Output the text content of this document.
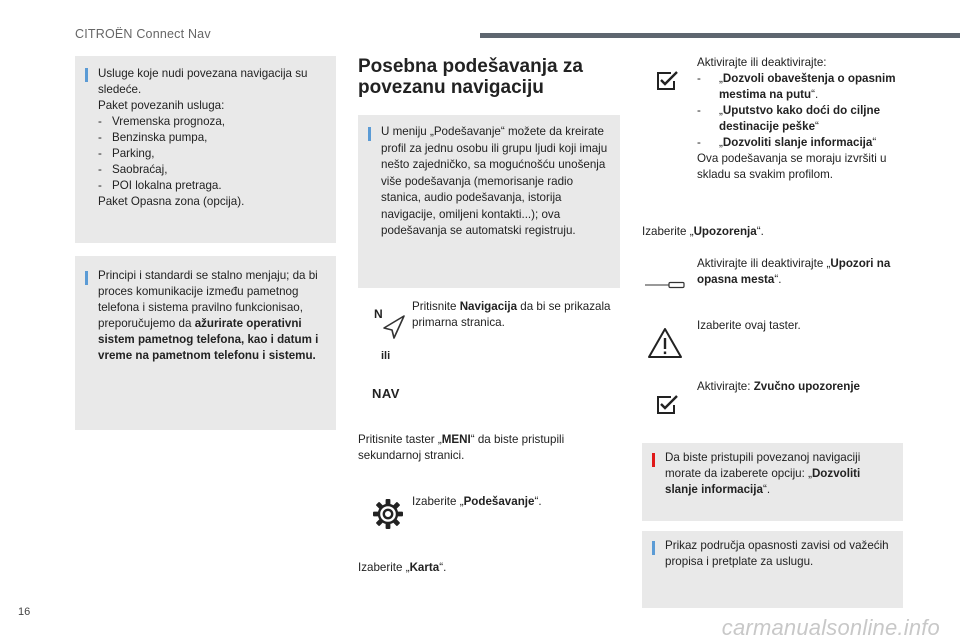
CITROËN Connect Nav
Usluge koje nudi povezana navigacija su sledeće.
Paket povezanih usluga:
- Vremenska prognoza,
- Benzinska pumpa,
- Parking,
- Saobraćaj,
- POI lokalna pretraga.
Paket Opasna zona (opcija).
Principi i standardi se stalno menjaju; da bi proces komunikacije između pametnog telefona i sistema pravilno funkcionisao, preporučujemo da ažurirate operativni sistem pametnog telefona, kao i datum i vreme na pametnom telefonu i sistemu.
Posebna podešavanja za povezanu navigaciju
U meniju „Podešavanje“ možete da kreirate profil za jednu osobu ili grupu ljudi koji imaju nešto zajedničko, sa mogućnošću unošenja više podešavanja (memorisanje radio stanica, audio podešavanja, istorija navigacije, omiljeni kontakti...); ova podešavanja se automatski registruju.
N
ili
NAV
Pritisnite Navigacija da bi se prikazala primarna stranica.
Pritisnite taster „MENI“ da biste pristupili sekundarnoj stranici.
Izaberite „Podešavanje“.
Izaberite „Karta“.
Aktivirajte ili deaktivirajte:
-	„Dozvoli obaveštenja o opasnim mestima na putu“.
-	„Uputstvo kako doći do ciljne destinacije peške“
-	„Dozvoliti slanje informacija“
Ova podešavanja se moraju izvršiti u skladu sa svakim profilom.
Izaberite „Upozorenja“.
Aktivirajte ili deaktivirajte „Upozori na opasna mesta“.
Izaberite ovaj taster.
Aktivirajte: Zvučno upozorenje
Da biste pristupili povezanoj navigaciji morate da izaberete opciju: „Dozvoliti slanje informacija“.
Prikaz područja opasnosti zavisi od važećih propisa i pretplate za uslugu.
16
carmanualsonline.info
